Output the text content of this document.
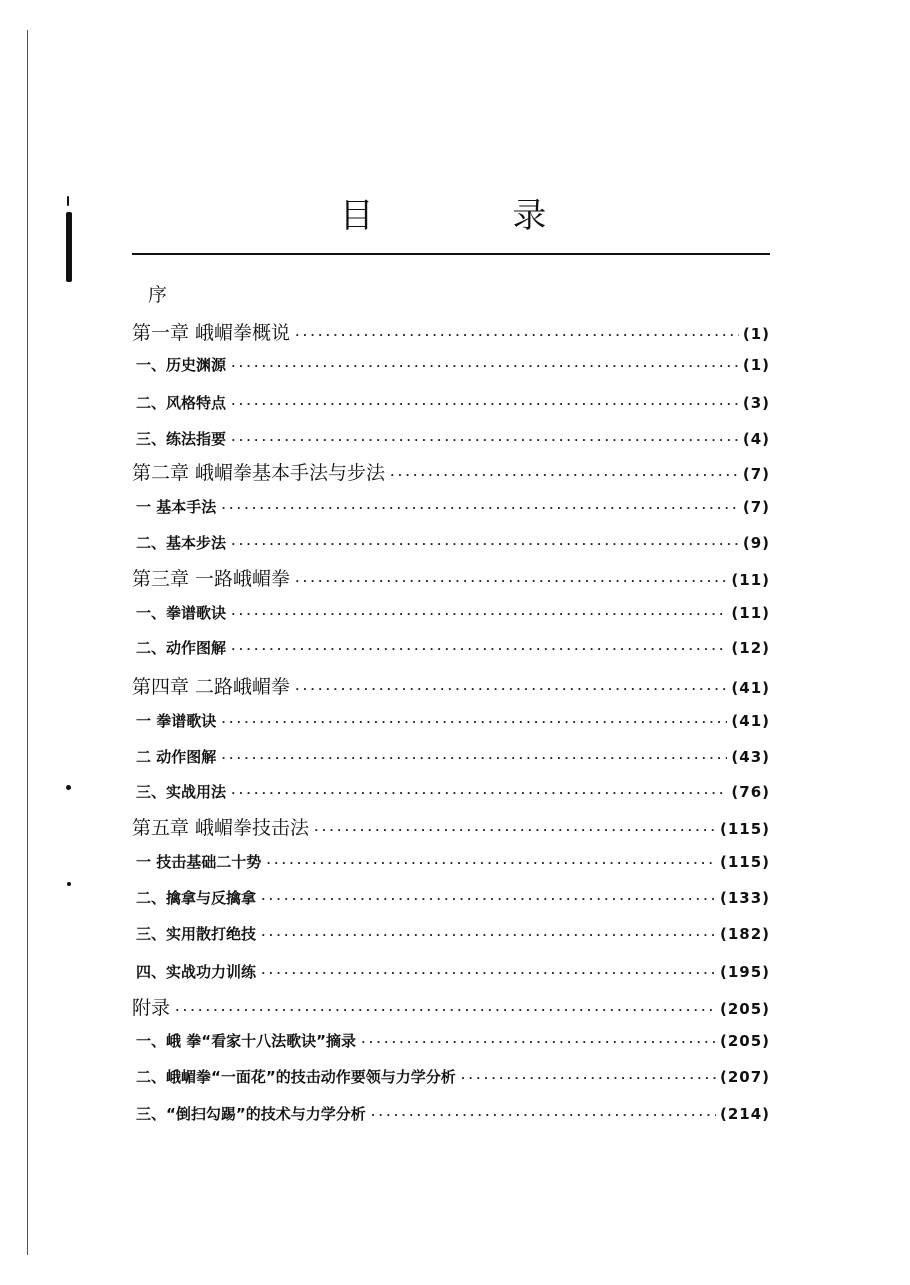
目 录
序
第一章 峨嵋拳概说 ·····	(1)
一、历史渊源 ·····	(1)
二、风格特点 ·····	(3)
三、练法指要 ·····	(4)
第二章 峨嵋拳基本手法与步法 ·····	(7)
一 基本手法 ·····	(7)
二、基本步法 ·····	(9)
第三章 一路峨嵋拳 ·····	(11)
一、拳谱歌诀 ·····	(11)
二、动作图解 ·····	(12)
第四章 二路峨嵋拳 ·····	(41)
一 拳谱歌诀 ·····	(41)
二 动作图解 ·····	(43)
三、实战用法 ·····	(76)
第五章 峨嵋拳技击法 ·····	(115)
一 技击基础二十势 ·····	(115)
二、擒拿与反擒拿 ·····	(133)
三、实用散打绝技 ·····	(182)
四、实战功力训练 ·····	(195)
附录 ·····	(205)
一、峨 拳“看家十八法歌诀”摘录 ·····	(205)
二、峨嵋拳“一面花”的技击动作要领与力学分析 ·····	(207)
三、“倒扫勾踢”的技术与力学分析 ·····	(214)
